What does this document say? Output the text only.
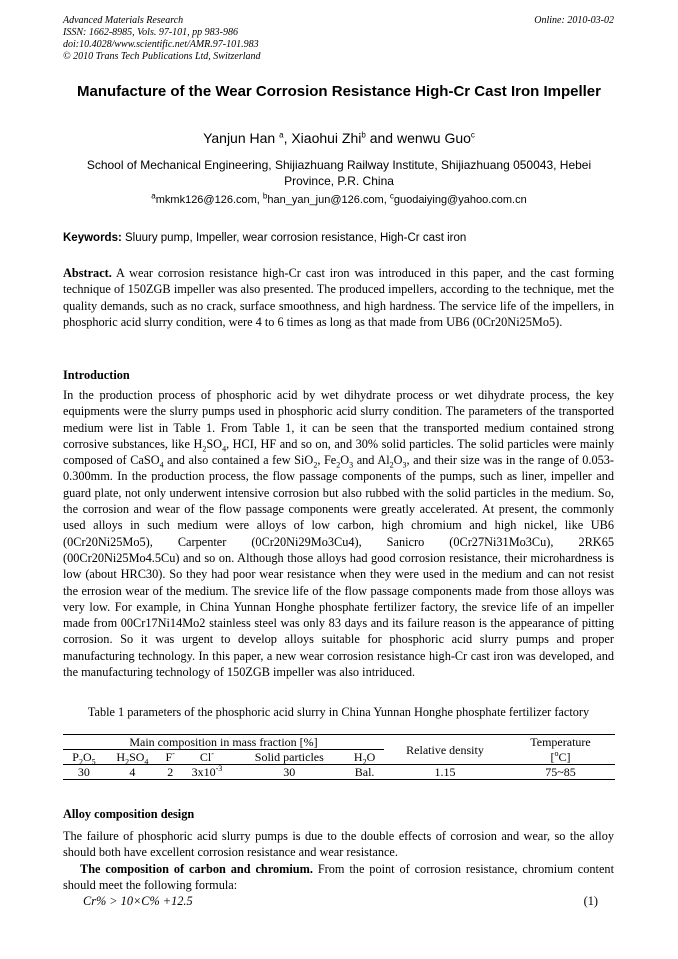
Advanced Materials Research
ISSN: 1662-8985, Vols. 97-101, pp 983-986
doi:10.4028/www.scientific.net/AMR.97-101.983
© 2010 Trans Tech Publications Ltd, Switzerland
Online: 2010-03-02
Manufacture of the Wear Corrosion Resistance High-Cr Cast Iron Impeller
Yanjun Han $^a$, Xiaohui Zhi$^b$ and wenwu Guo$^c$
School of Mechanical Engineering, Shijiazhuang Railway Institute, Shijiazhuang 050043, Hebei Province, P.R. China
$^a$mkmk126@126.com, $^b$han_yan_jun@126.com, $^c$guodaiying@yahoo.com.cn
Keywords: Sluury pump, Impeller, wear corrosion resistance, High-Cr cast iron
Abstract. A wear corrosion resistance high-Cr cast iron was introduced in this paper, and the cast forming technique of 150ZGB impeller was also presented. The produced impellers, according to the technique, met the quality demands, such as no crack, surface smoothness, and high hardness. The service life of the impellers, in phosphoric acid slurry condition, were 4 to 6 times as long as that made from UB6 (0Cr20Ni25Mo5).
Introduction
In the production process of phosphoric acid by wet dihydrate process or wet dihydrate process, the key equipments were the slurry pumps used in phosphoric acid slurry condition. The parameters of the transported medium were list in Table 1. From Table 1, it can be seen that the transported medium contained strong corrosive substances, like $H_2SO_4$, HCI, HF and so on, and 30% solid particles. The solid particles were mainly composed of CaSO$_4$ and also contained a few SiO$_2$, $Fe_2O_3$ and $Al_2O_3$, and their size was in the range of 0.053-0.300mm. In the production process, the flow passage components of the pumps, such as liner, impeller and guard plate, not only underwent intensive corrosion but also rubbed with the solid particles in the medium. So, the corrosion and wear of the flow passage components were greatly accelerated. At present, the commonly used alloys in such medium were alloys of low carbon, high chromium and high nickel, like UB6 (0Cr20Ni25Mo5), Carpenter (0Cr20Ni29Mo3Cu4), Sanicro (0Cr27Ni31Mo3Cu), 2RK65 (00Cr20Ni25Mo4.5Cu) and so on. Although those alloys had good corrosion resistance, their microhardness is low (about HRC30). So they had poor wear resistance when they were used in the medium and can not resist the errosion wear of the medium. The srevice life of the flow passage components made from those alloys was very low. For example, in China Yunnan Honghe phosphate fertilizer factory, the srevice life of an impeller made from 00Cr17Ni14Mo2 stainless steel was only 83 days and its failure reason is the appearance of pitting corrosion. So it was urgent to develop alloys suitable for phosphoric acid slurry pumps and proper manufacturing technology. In this paper, a new wear corrosion resistance high-Cr cast iron was developed, and the manufacturing technology of 150ZGB impeller was also intriduced.
Table 1 parameters of the phosphoric acid slurry in China Yunnan Honghe phosphate fertilizer factory
Main composition in mass fraction [%]						Relative density	Temperature
$P_2O_5$	$H_2SO_4$	F-	Cl-	Solid particles	$H_2O$		[$^o$C]
30	4	2	$3x10^{-3}$	30	Bal.	1.15	75~85
Alloy composition design
The failure of phosphoric acid slurry pumps is due to the double effects of corrosion and wear, so the alloy should both have excellent corrosion resistance and wear resistance.
The composition of carbon and chromium. From the point of corrosion resistance, chromium content should meet the following formula:
Cr% > 10×C% +12.5	(1)
